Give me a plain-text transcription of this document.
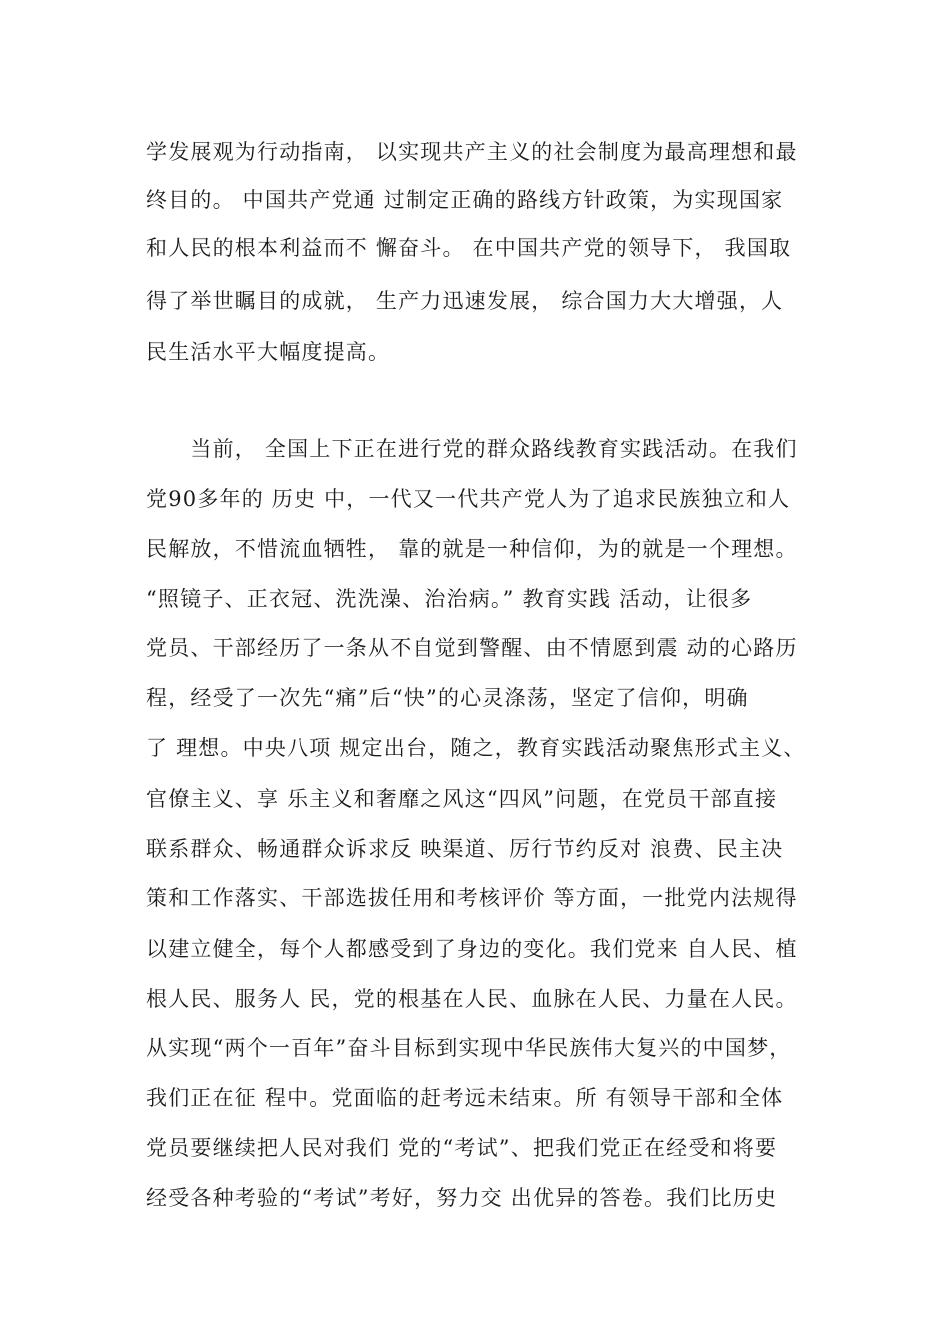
学发展观为行动指南， 以实现共产主义的社会制度为最高理想和最
终目的。 中国共产党通 过制定正确的路线方针政策，为实现国家
和人民的根本利益而不 懈奋斗。 在中国共产党的领导下， 我国取
得了举世瞩目的成就， 生产力迅速发展， 综合国力大大增强，人
民生活水平大幅度提高。
　　当前， 全国上下正在进行党的群众路线教育实践活动。在我们
党90多年的 历史 中，一代又一代共产党人为了追求民族独立和人
民解放，不惜流血牺牲， 靠的就是一种信仰，为的就是一个理想。
“照镜子、正衣冠、洗洗澡、治治病。” 教育实践 活动，让很多
党员、干部经历了一条从不自觉到警醒、由不情愿到震 动的心路历
程，经受了一次先“痛”后“快”的心灵涤荡，坚定了信仰，明确
了 理想。中央八项 规定出台，随之，教育实践活动聚焦形式主义、
官僚主义、享 乐主义和奢靡之风这“四风”问题，在党员干部直接
联系群众、畅通群众诉求反 映渠道、厉行节约反对 浪费、民主决
策和工作落实、干部选拔任用和考核评价 等方面，一批党内法规得
以建立健全，每个人都感受到了身边的变化。我们党来 自人民、植
根人民、服务人 民，党的根基在人民、血脉在人民、力量在人民。
从实现“两个一百年”奋斗目标到实现中华民族伟大复兴的中国梦，
我们正在征 程中。党面临的赶考远未结束。所 有领导干部和全体
党员要继续把人民对我们 党的“考试”、把我们党正在经受和将要
经受各种考验的“考试”考好，努力交 出优异的答卷。我们比历史
